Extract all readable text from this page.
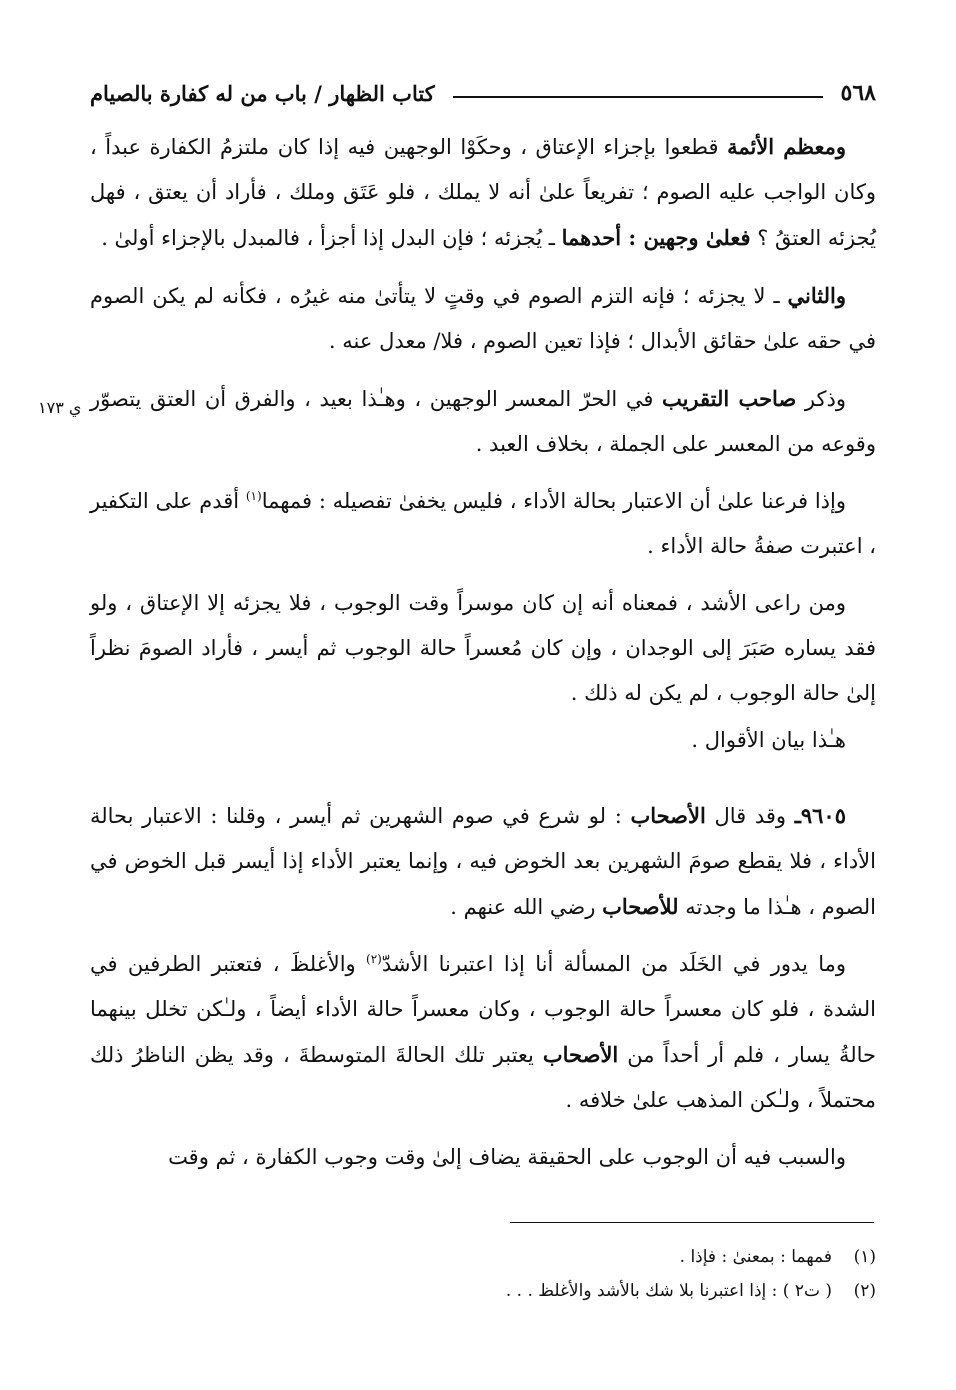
٥٦٨
كتاب الظهار / باب من له كفارة بالصيام
ي ١٧٣

ومعظم الأئمة قطعوا بإجزاء الإعتاق ، وحكَوْا الوجهين فيه إذا كان ملتزمُ الكفارة عبداً ، وكان الواجب عليه الصوم ؛ تفريعاً علىٰ أنه لا يملك ، فلو عَتَق وملك ، فأراد أن يعتق ، فهل يُجزئه العتقُ ؟ فعلىٰ وجهين : أحدهما ـ يُجزئه ؛ فإن البدل إذا أجزأ ، فالمبدل بالإجزاء أولىٰ .

والثاني ـ لا يجزئه ؛ فإنه التزم الصوم في وقتٍ لا يتأتىٰ منه غيرُه ، فكأنه لم يكن الصوم في حقه علىٰ حقائق الأبدال ؛ فإذا تعين الصوم ، فلا/ معدل عنه .

وذكر صاحب التقريب في الحرّ المعسر الوجهين ، وهـٰذا بعيد ، والفرق أن العتق يتصوّر وقوعه من المعسر على الجملة ، بخلاف العبد .

وإذا فرعنا علىٰ أن الاعتبار بحالة الأداء ، فليس يخفىٰ تفصيله : فمهما$^{(١)}$ أقدم على التكفير ، اعتبرت صفةُ حالة الأداء .

ومن راعى الأشد ، فمعناه أنه إن كان موسراً وقت الوجوب ، فلا يجزئه إلا الإعتاق ، ولو فقد يساره صَبَرَ إلى الوجدان ، وإن كان مُعسراً حالة الوجوب ثم أيسر ، فأراد الصومَ نظراً إلىٰ حالة الوجوب ، لم يكن له ذلك .

هـٰذا بيان الأقوال .

٩٦٠٥ـ وقد قال الأصحاب : لو شرع في صوم الشهرين ثم أيسر ، وقلنا : الاعتبار بحالة الأداء ، فلا يقطع صومَ الشهرين بعد الخوض فيه ، وإنما يعتبر الأداء إذا أيسر قبل الخوض في الصوم ، هـٰذا ما وجدته للأصحاب رضي الله عنهم .

وما يدور في الخَلَد من المسألة أنا إذا اعتبرنا الأشدّ$^{(٢)}$ والأغلظَ ، فتعتبر الطرفين في الشدة ، فلو كان معسراً حالة الوجوب ، وكان معسراً حالة الأداء أيضاً ، ولـٰكن تخلل بينهما حالةُ يسار ، فلم أر أحداً من الأصحاب يعتبر تلك الحالةَ المتوسطةَ ، وقد يظن الناظرُ ذلك محتملاً ، ولـٰكن المذهب علىٰ خلافه .

والسبب فيه أن الوجوب على الحقيقة يضاف إلىٰ وقت وجوب الكفارة ، ثم وقت

(١)فمهما : بمعنىٰ : فإذا .
(٢)( ت٢ ) : إذا اعتبرنا بلا شك بالأشد والأغلظ . . .
